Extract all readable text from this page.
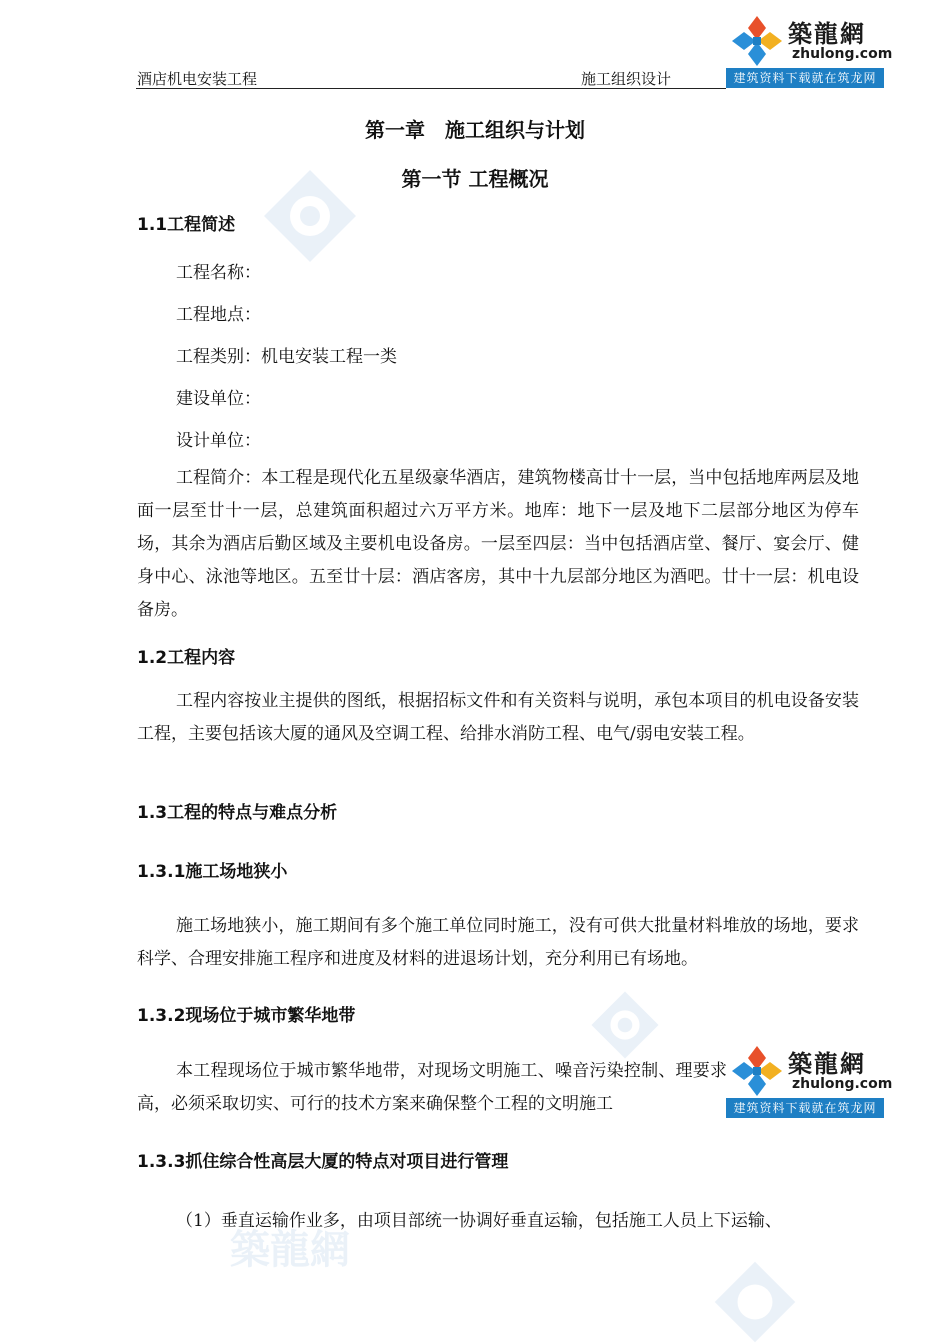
築龍網
酒店机电安装工程	施工组织设计
築龍網
zhulong.com
建筑资料下载就在筑龙网
築龍網
zhulong.com
建筑资料下载就在筑龙网
第一章　施工组织与计划
第一节 工程概况
1.1工程简述
工程名称：
工程地点：
工程类别：机电安装工程一类
建设单位：
设计单位：

工程简介：本工程是现代化五星级豪华酒店，建筑物楼高廿十一层，当中包括地库两层及地面一层至廿十一层，总建筑面积超过六万平方米。地库：地下一层及地下二层部分地区为停车场，其余为酒店后勤区域及主要机电设备房。一层至四层：当中包括酒店堂、餐厅、宴会厅、健身中心、泳池等地区。五至廿十层：酒店客房，其中十九层部分地区为酒吧。廿十一层：机电设备房。

1.2工程内容

工程内容按业主提供的图纸，根据招标文件和有关资料与说明，承包本项目的机电设备安装工程，主要包括该大厦的通风及空调工程、给排水消防工程、电气/弱电安装工程。

1.3工程的特点与难点分析
1.3.1施工场地狭小

施工场地狭小，施工期间有多个施工单位同时施工，没有可供大批量材料堆放的场地，要求科学、合理安排施工程序和进度及材料的进退场计划，充分利用已有场地。

1.3.2现场位于城市繁华地带

本工程现场位于城市繁华地带，对现场文明施工、噪音污染控制、理要求高，必须采取切实、可行的技术方案来确保整个工程的文明施工

1.3.3抓住综合性高层大厦的特点对项目进行管理
（1）垂直运输作业多，由项目部统一协调好垂直运输，包括施工人员上下运输、
